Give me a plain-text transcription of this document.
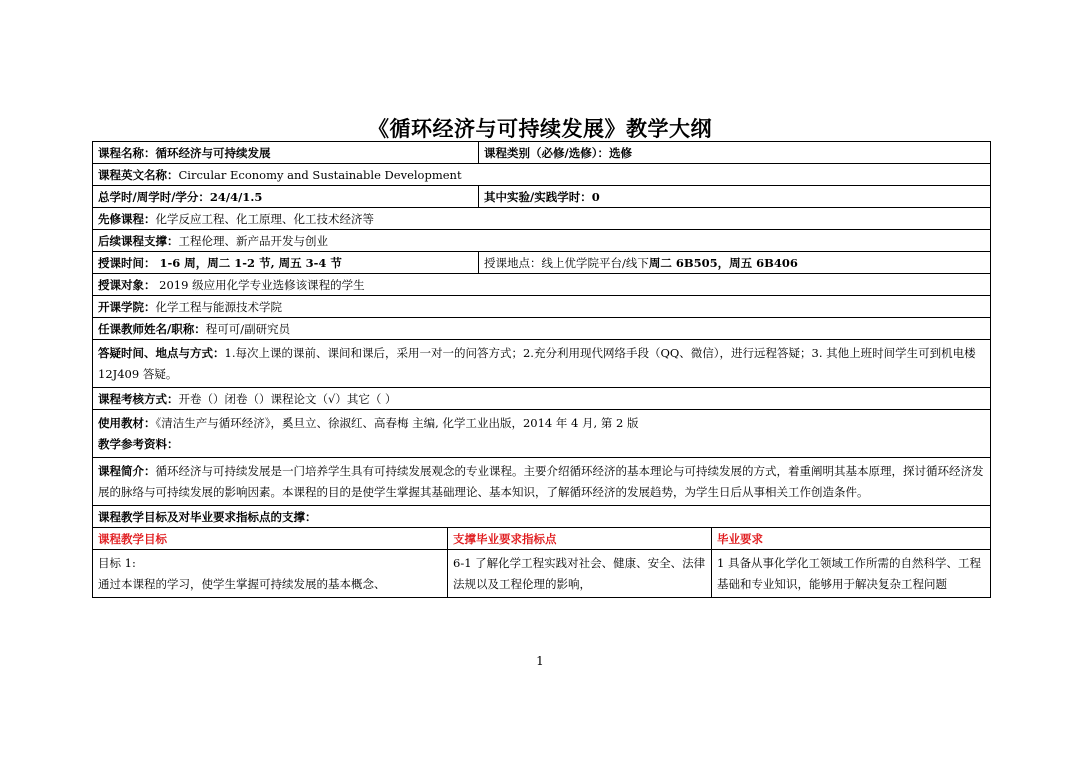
《循环经济与可持续发展》教学大纲
课程名称：循环经济与可持续发展		课程类别（必修/选修）：选修	
课程英文名称：Circular Economy and Sustainable Development			
总学时/周学时/学分：24/4/1.5		其中实验/实践学时：0	
先修课程：化学反应工程、化工原理、化工技术经济等			
后续课程支撑：工程伦理、新产品开发与创业			
授课时间： 1-6 周，周二 1-2 节, 周五 3-4 节		授课地点：线上优学院平台/线下周二 6B505，周五 6B406	
授课对象： 2019 级应用化学专业选修该课程的学生			
开课学院：化学工程与能源技术学院			
任课教师姓名/职称：程可可/副研究员			
答疑时间、地点与方式：1.每次上课的课前、课间和课后，采用一对一的问答方式；2.充分利用现代网络手段（QQ、微信），进行远程答疑；3. 其他上班时间学生可到机电楼 12J409 答疑。			
课程考核方式：开卷（）闭卷（）课程论文（√）其它（ ）			
使用教材：《清洁生产与循环经济》，奚旦立、徐淑红、高春梅 主编, 化学工业出版，2014 年 4 月, 第 2 版
教学参考资料：			
课程简介：循环经济与可持续发展是一门培养学生具有可持续发展观念的专业课程。主要介绍循环经济的基本理论与可持续发展的方式，着重阐明其基本原理，探讨循环经济发展的脉络与可持续发展的影响因素。本课程的目的是使学生掌握其基础理论、基本知识，了解循环经济的发展趋势，为学生日后从事相关工作创造条件。			
课程教学目标及对毕业要求指标点的支撑：			
课程教学目标	支撑毕业要求指标点		毕业要求
目标 1:
通过本课程的学习，使学生掌握可持续发展的基本概念、	6-1 了解化学工程实践对社会、健康、安全、法律法规以及工程伦理的影响，		1 具备从事化学化工领域工作所需的自然科学、工程基础和专业知识，能够用于解决复杂工程问题
1
